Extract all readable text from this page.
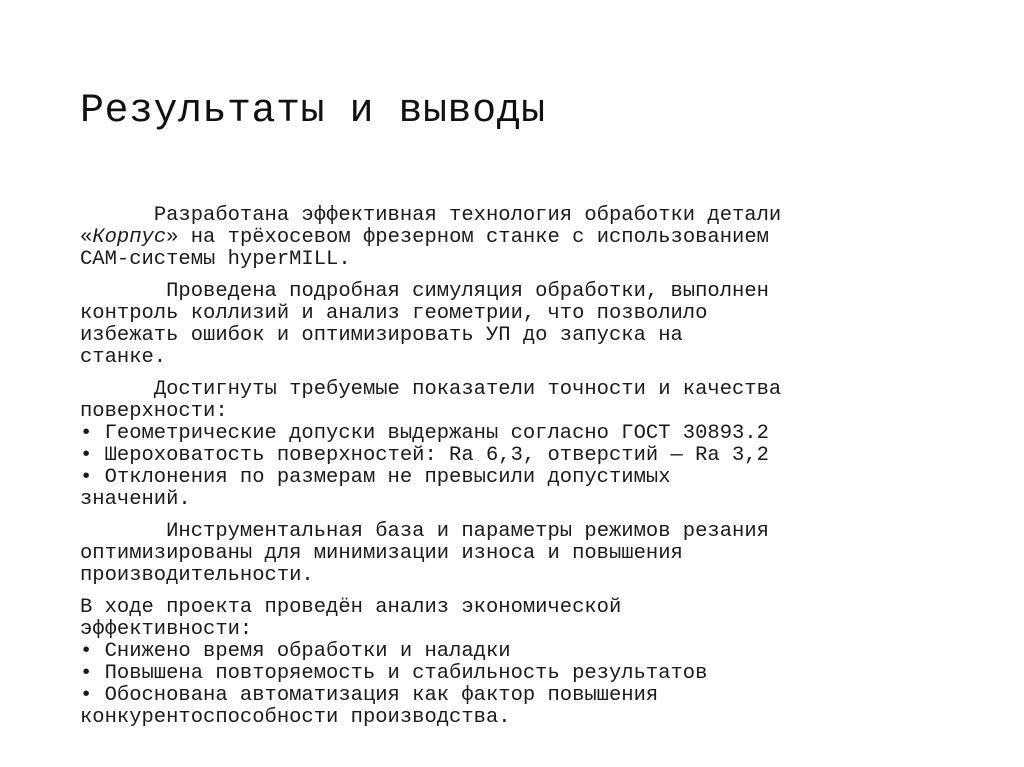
Результаты и выводы

Разработана эффективная технология обработки детали
«Корпус» на трёхосевом фрезерном станке с использованием
CAM-системы hyperMILL.

Проведена подробная симуляция обработки, выполнен
контроль коллизий и анализ геометрии, что позволило
избежать ошибок и оптимизировать УП до запуска на
станке.

Достигнуты требуемые показатели точности и качества
поверхности:
• Геометрические допуски выдержаны согласно ГОСТ 30893.2
• Шероховатость поверхностей: Ra 6,3, отверстий — Ra 3,2
• Отклонения по размерам не превысили допустимых
значений.

Инструментальная база и параметры режимов резания
оптимизированы для минимизации износа и повышения
производительности.

В ходе проекта проведён анализ экономической
эффективности:
• Снижено время обработки и наладки
• Повышена повторяемость и стабильность результатов
• Обоснована автоматизация как фактор повышения
конкурентоспособности производства.
